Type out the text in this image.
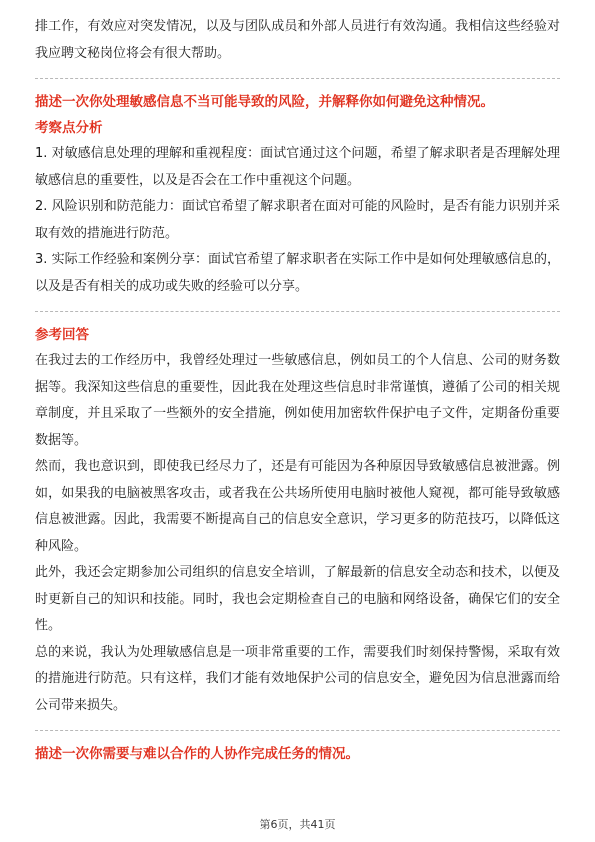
排工作，有效应对突发情况，以及与团队成员和外部人员进行有效沟通。我相信这些经验对我应聘文秘岗位将会有很大帮助。

描述一次你处理敏感信息不当可能导致的风险，并解释你如何避免这种情况。

考察点分析

1. 对敏感信息处理的理解和重视程度：面试官通过这个问题，希望了解求职者是否理解处理敏感信息的重要性，以及是否会在工作中重视这个问题。

2. 风险识别和防范能力：面试官希望了解求职者在面对可能的风险时，是否有能力识别并采取有效的措施进行防范。

3. 实际工作经验和案例分享：面试官希望了解求职者在实际工作中是如何处理敏感信息的，以及是否有相关的成功或失败的经验可以分享。

参考回答

在我过去的工作经历中，我曾经处理过一些敏感信息，例如员工的个人信息、公司的财务数据等。我深知这些信息的重要性，因此我在处理这些信息时非常谨慎，遵循了公司的相关规章制度，并且采取了一些额外的安全措施，例如使用加密软件保护电子文件，定期备份重要数据等。

然而，我也意识到，即使我已经尽力了，还是有可能因为各种原因导致敏感信息被泄露。例如，如果我的电脑被黑客攻击，或者我在公共场所使用电脑时被他人窥视，都可能导致敏感信息被泄露。因此，我需要不断提高自己的信息安全意识，学习更多的防范技巧，以降低这种风险。

此外，我还会定期参加公司组织的信息安全培训，了解最新的信息安全动态和技术，以便及时更新自己的知识和技能。同时，我也会定期检查自己的电脑和网络设备，确保它们的安全性。

总的来说，我认为处理敏感信息是一项非常重要的工作，需要我们时刻保持警惕，采取有效的措施进行防范。只有这样，我们才能有效地保护公司的信息安全，避免因为信息泄露而给公司带来损失。

描述一次你需要与难以合作的人协作完成任务的情况。

第6页，共41页
